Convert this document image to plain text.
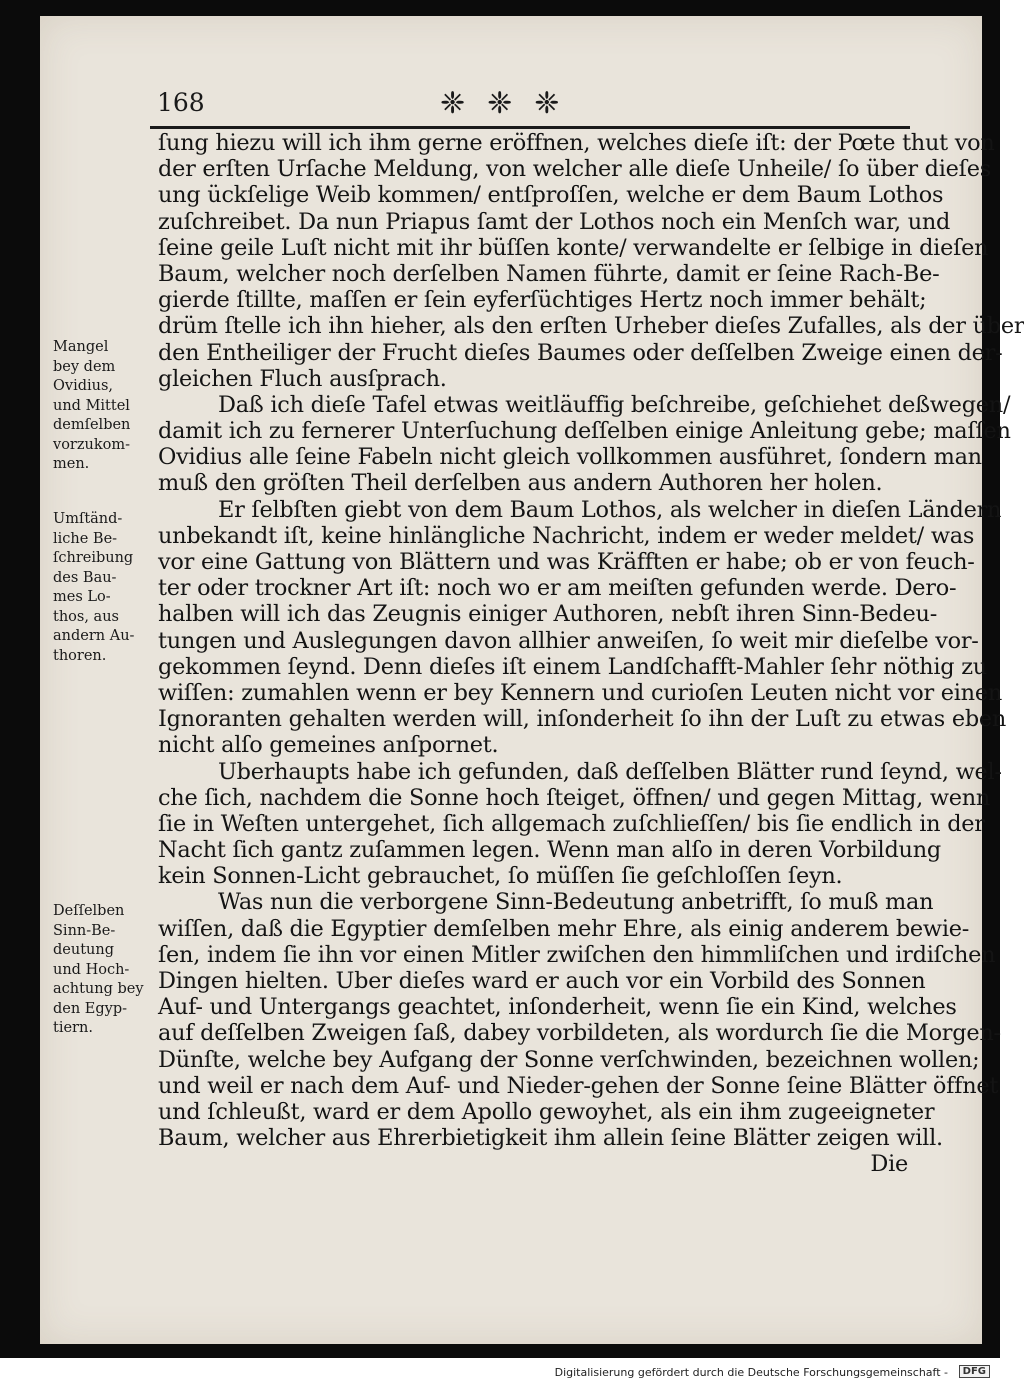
168	❈ ❈ ❈
ſung hiezu will ich ihm gerne eröffnen, welches dieſe iſt: der Pœte thut von
der erſten Urſache Meldung, von welcher alle dieſe Unheile/ ſo über dieſes
ung ückſelige Weib kommen/ entſproſſen, welche er dem Baum Lothos
zuſchreibet. Da nun Priapus ſamt der Lothos noch ein Menſch war, und
ſeine geile Luſt nicht mit ihr büſſen konte/ verwandelte er ſelbige in dieſen
Baum, welcher noch derſelben Namen führte, damit er ſeine Rach-Be-
gierde ſtillte, maſſen er ſein eyferſüchtiges Hertz noch immer behält;
drüm ſtelle ich ihn hieher, als den erſten Urheber dieſes Zufalles, als der über
den Entheiliger der Frucht dieſes Baumes oder deſſelben Zweige einen der-
gleichen Fluch ausſprach.
Daß ich dieſe Tafel etwas weitläuffig beſchreibe, geſchiehet deßwegen/
damit ich zu fernerer Unterſuchung deſſelben einige Anleitung gebe; maſſen
Ovidius alle ſeine Fabeln nicht gleich vollkommen ausführet, ſondern man
muß den gröſten Theil derſelben aus andern Authoren her holen.
Er ſelbſten giebt von dem Baum Lothos, als welcher in dieſen Ländern
unbekandt iſt, keine hinlängliche Nachricht, indem er weder meldet/ was
vor eine Gattung von Blättern und was Kräfften er habe; ob er von feuch-
ter oder trockner Art iſt: noch wo er am meiſten gefunden werde. Dero-
halben will ich das Zeugnis einiger Authoren, nebſt ihren Sinn-Bedeu-
tungen und Auslegungen davon allhier anweiſen, ſo weit mir dieſelbe vor-
gekommen ſeynd. Denn dieſes iſt einem Landſchafft-Mahler ſehr nöthig zu
wiſſen: zumahlen wenn er bey Kennern und curioſen Leuten nicht vor einen
Ignoranten gehalten werden will, inſonderheit ſo ihn der Luſt zu etwas eben
nicht alſo gemeines anſpornet.
Uberhaupts habe ich gefunden, daß deſſelben Blätter rund ſeynd, wel-
che ſich, nachdem die Sonne hoch ſteiget, öffnen/ und gegen Mittag, wenn
ſie in Weſten untergehet, ſich allgemach zuſchlieſſen/ bis ſie endlich in der
Nacht ſich gantz zuſammen legen. Wenn man alſo in deren Vorbildung
kein Sonnen-Licht gebrauchet, ſo müſſen ſie geſchloſſen ſeyn.
Was nun die verborgene Sinn-Bedeutung anbetrifft, ſo muß man
wiſſen, daß die Egyptier demſelben mehr Ehre, als einig anderem bewie-
ſen, indem ſie ihn vor einen Mitler zwiſchen den himmliſchen und irdiſchen
Dingen hielten. Uber dieſes ward er auch vor ein Vorbild des Sonnen
Auf- und Untergangs geachtet, inſonderheit, wenn ſie ein Kind, welches
auf deſſelben Zweigen ſaß, dabey vorbildeten, als wordurch ſie die Morgen-
Dünſte, welche bey Aufgang der Sonne verſchwinden, bezeichnen wollen;
und weil er nach dem Auf- und Nieder-gehen der Sonne ſeine Blätter öffnet
und ſchleußt, ward er dem Apollo gewoyhet, als ein ihm zugeeigneter
Baum, welcher aus Ehrerbietigkeit ihm allein ſeine Blätter zeigen will.
Die
Mangel
bey dem
Ovidius,
und Mittel
demſelben
vorzukom-
men.
Umſtänd-
liche Be-
ſchreibung
des Bau-
mes Lo-
thos, aus
andern Au-
thoren.
Deſſelben
Sinn-Be-
deutung
und Hoch-
achtung bey
den Egyp-
tiern.
Digitalisierung gefördert durch die Deutsche Forschungsgemeinschaft -	DFG
